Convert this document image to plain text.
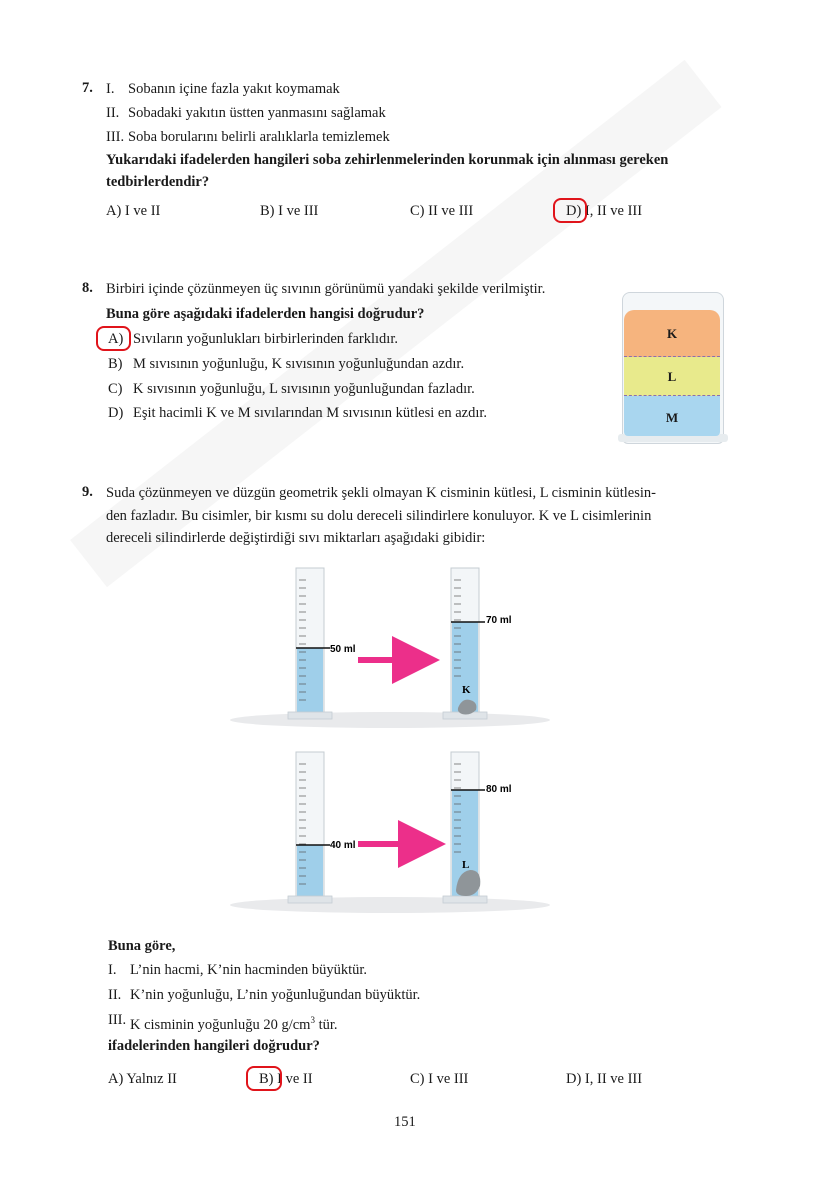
7. I. Sobanın içine fazla yakıt koymamak
II. Sobadaki yakıtın üstten yanmasını sağlamak
III. Soba borularını belirli aralıklarla temizlemek
Yukarıdaki ifadelerden hangileri soba zehirlenmelerinden korunmak için alınması gereken
tedbirlerdendir?
A) I ve II	B) I ve III	C) II ve III	D) I, II ve III
8. Birbiri içinde çözünmeyen üç sıvının görünümü yandaki şekilde verilmiştir.
Buna göre aşağıdaki ifadelerden hangisi doğrudur?
A) Sıvıların yoğunlukları birbirlerinden farklıdır.
B) M sıvısının yoğunluğu, K sıvısının yoğunluğundan azdır.
C) K sıvısının yoğunluğu, L sıvısının yoğunluğundan fazladır.
D) Eşit hacimli K ve M sıvılarından M sıvısının kütlesi en azdır.
K
L
M
9. Suda çözünmeyen ve düzgün geometrik şekli olmayan K cisminin kütlesi, L cisminin kütlesin-
den fazladır. Bu cisimler, bir kısmı su dolu dereceli silindirlere konuluyor. K ve L cisimlerinin
dereceli silindirlerde değiştirdiği sıvı miktarları aşağıdaki gibidir:
50 ml
70 ml
K
40 ml
80 ml
L
Buna göre,
I. L’nin hacmi, K’nin hacminden büyüktür.
II. K’nin yoğunluğu, L’nin yoğunluğundan büyüktür.
III. K cisminin yoğunluğu 20 $g/cm^3$ tür.
ifadelerinden hangileri doğrudur?
A) Yalnız II	B) I ve II	C) I ve III	D) I, II ve III
151
